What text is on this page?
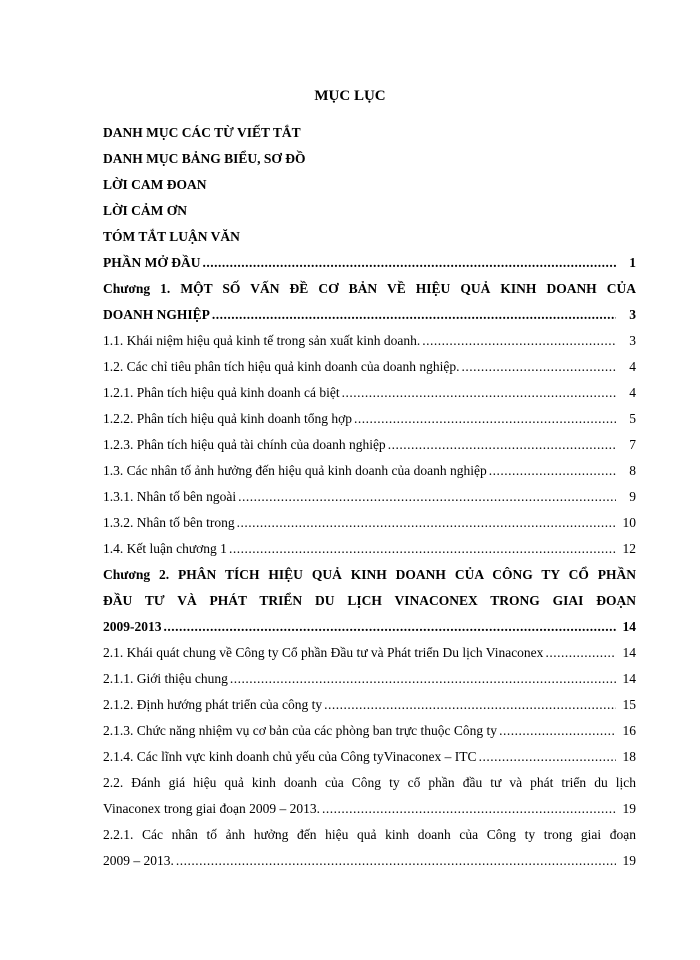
MỤC LỤC
DANH MỤC CÁC TỪ VIẾT TẮT
DANH MỤC BẢNG BIỂU, SƠ ĐỒ
LỜI CAM ĐOAN
LỜI CẢM ƠN
TÓM TẮT LUẬN VĂN
PHẦN MỞ ĐẦU .....	1
Chương 1. MỘT SỐ VẤN ĐỀ CƠ BẢN VỀ HIỆU QUẢ KINH DOANH CỦA
DOANH NGHIỆP .....	3
1.1. Khái niệm hiệu quả kinh tế trong sản xuất kinh doanh. .....	3
1.2. Các chỉ tiêu phân tích hiệu quả kinh doanh của doanh nghiệp. .....	4
1.2.1. Phân tích hiệu quả kinh doanh cá biệt .....	4
1.2.2. Phân tích hiệu quả kinh doanh tổng hợp .....	5
1.2.3. Phân tích hiệu quả tài chính của doanh nghiệp .....	7
1.3. Các nhân tố ảnh hưởng đến hiệu quả kinh doanh của doanh nghiệp .....	8
1.3.1. Nhân tố bên ngoài .....	9
1.3.2. Nhân tố bên trong .....	10
1.4. Kết luận chương 1 .....	12
Chương 2. PHÂN TÍCH HIỆU QUẢ KINH DOANH CỦA CÔNG TY CỔ PHẦN
ĐẦU TƯ VÀ PHÁT TRIỂN DU LỊCH VINACONEX TRONG GIAI ĐOẠN
2009-2013 .....	14
2.1. Khái quát chung về Công ty Cổ phần Đầu tư và Phát triển Du lịch Vinaconex .....	14
2.1.1. Giới thiệu chung .....	14
2.1.2. Định hướng phát triển của công ty .....	15
2.1.3. Chức năng nhiệm vụ cơ bản của các phòng ban trực thuộc Công ty .....	16
2.1.4. Các lĩnh vực kinh doanh chủ yếu của Công tyVinaconex – ITC .....	18
2.2. Đánh giá hiệu quả kinh doanh của Công ty cổ phần đầu tư và phát triển du lịch
Vinaconex trong giai đoạn 2009 – 2013. .....	19
2.2.1. Các nhân tố ảnh hưởng đến hiệu quả kinh doanh của Công ty trong giai đoạn
2009 – 2013. .....	19
